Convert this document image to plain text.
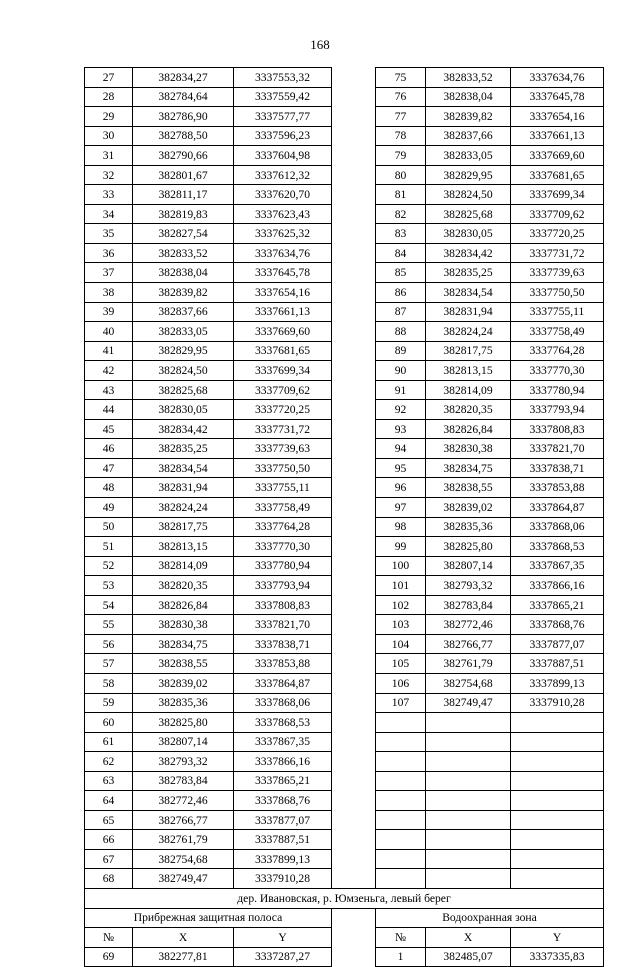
168
27	382834,27	3337553,32		75	382833,52	3337634,76
28	382784,64	3337559,42		76	382838,04	3337645,78
29	382786,90	3337577,77		77	382839,82	3337654,16
30	382788,50	3337596,23		78	382837,66	3337661,13
31	382790,66	3337604,98		79	382833,05	3337669,60
32	382801,67	3337612,32		80	382829,95	3337681,65
33	382811,17	3337620,70		81	382824,50	3337699,34
34	382819,83	3337623,43		82	382825,68	3337709,62
35	382827,54	3337625,32		83	382830,05	3337720,25
36	382833,52	3337634,76		84	382834,42	3337731,72
37	382838,04	3337645,78		85	382835,25	3337739,63
38	382839,82	3337654,16		86	382834,54	3337750,50
39	382837,66	3337661,13		87	382831,94	3337755,11
40	382833,05	3337669,60		88	382824,24	3337758,49
41	382829,95	3337681,65		89	382817,75	3337764,28
42	382824,50	3337699,34		90	382813,15	3337770,30
43	382825,68	3337709,62		91	382814,09	3337780,94
44	382830,05	3337720,25		92	382820,35	3337793,94
45	382834,42	3337731,72		93	382826,84	3337808,83
46	382835,25	3337739,63		94	382830,38	3337821,70
47	382834,54	3337750,50		95	382834,75	3337838,71
48	382831,94	3337755,11		96	382838,55	3337853,88
49	382824,24	3337758,49		97	382839,02	3337864,87
50	382817,75	3337764,28		98	382835,36	3337868,06
51	382813,15	3337770,30		99	382825,80	3337868,53
52	382814,09	3337780,94		100	382807,14	3337867,35
53	382820,35	3337793,94		101	382793,32	3337866,16
54	382826,84	3337808,83		102	382783,84	3337865,21
55	382830,38	3337821,70		103	382772,46	3337868,76
56	382834,75	3337838,71		104	382766,77	3337877,07
57	382838,55	3337853,88		105	382761,79	3337887,51
58	382839,02	3337864,87		106	382754,68	3337899,13
59	382835,36	3337868,06		107	382749,47	3337910,28
60	382825,80	3337868,53				
61	382807,14	3337867,35				
62	382793,32	3337866,16				
63	382783,84	3337865,21				
64	382772,46	3337868,76				
65	382766,77	3337877,07				
66	382761,79	3337887,51				
67	382754,68	3337899,13				
68	382749,47	3337910,28				
дер. Ивановская, р. Юмзеньга, левый берег						
Прибрежная защитная полоса				Водоохранная зона		
№	X	Y		№	X	Y
69	382277,81	3337287,27		1	382485,07	3337335,83
